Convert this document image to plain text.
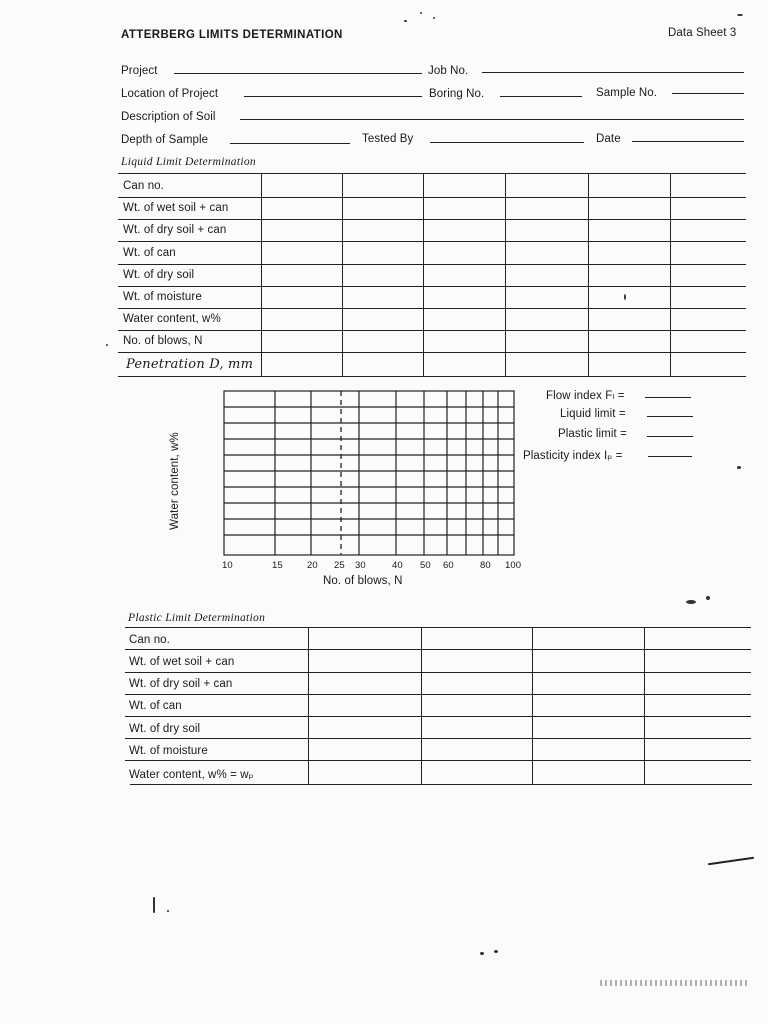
ATTERBERG LIMITS DETERMINATION	Data Sheet 3
Project	Job No.
Location of Project	Boring No.	Sample No.
Description of Soil
Depth of Sample	Tested By	Date
Liquid Limit Determination
Can no.
Wt. of wet soil + can
Wt. of dry soil + can
Wt. of can
Wt. of dry soil
Wt. of moisture
Water content, w%
No. of blows, N
Penetration D, mm
10	15	20 25 30	40 50 60	80 100
No. of blows, N
Water content, w%
Flow index Fₗ =
Liquid limit =
Plastic limit =
Plasticity index Iₚ =
Plastic Limit Determination
Can no.
Wt. of wet soil + can
Wt. of dry soil + can
Wt. of can
Wt. of dry soil
Wt. of moisture
Water content, w% = wₚ
